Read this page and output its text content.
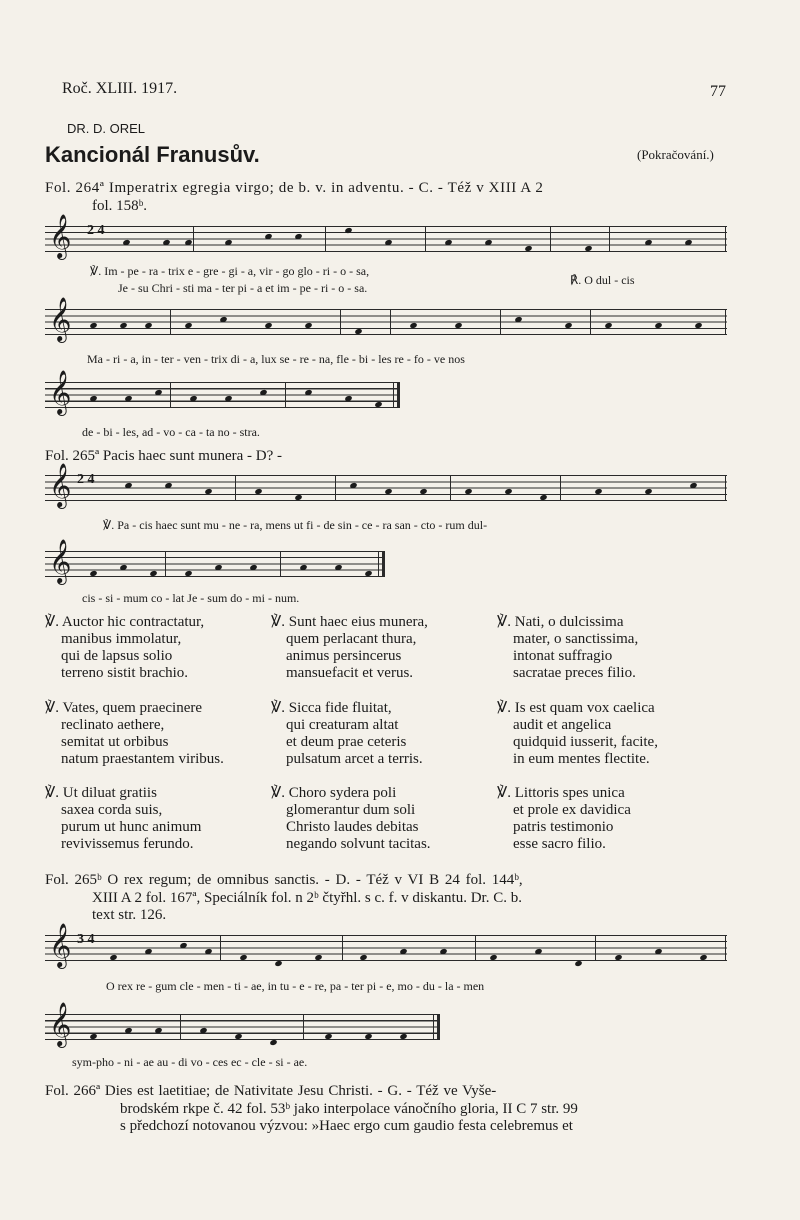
Roč. XLIII. 1917.	77
DR. D. OREL
Kancionál Franusův.	(Pokračování.)
Fol. 264ª Imperatrix egregia virgo; de b. v. in adventu. - C. - Též v XIII A 2
fol. 158ᵇ.
𝄞 2 4
℣. Im - pe - ra - trix e - gre - gi - a, vir - go glo - ri - o - sa,
Je - su Chri - sti ma - ter pi - a et im - pe - ri - o - sa.
℟. O dul - cis
𝄞
Ma - ri - a, in - ter - ven - trix di - a, lux se - re - na, fle - bi - les re - fo - ve nos
𝄞
de - bi - les, ad - vo - ca - ta no - stra.
Fol. 265ª Pacis haec sunt munera - D? -
𝄞 2 4
℣. Pa - cis haec sunt mu - ne - ra, mens ut fi - de sin - ce - ra san - cto - rum dul-
𝄞
cis - si - mum co - lat Je - sum do - mi - num.
℣. Auctor hic contractatur,
manibus immolatur,
qui de lapsus solio
terreno sistit brachio.
℣. Sunt haec eius munera,
quem perlacant thura,
animus persincerus
mansuefacit et verus.
℣. Nati, o dulcissima
mater, o sanctissima,
intonat suffragio
sacratae preces filio.
℣. Vates, quem praecinere
reclinato aethere,
semitat ut orbibus
natum praestantem viribus.
℣. Sicca fide fluitat,
qui creaturam altat
et deum prae ceteris
pulsatum arcet a terris.
℣. Is est quam vox caelica
audit et angelica
quidquid iusserit, facite,
in eum mentes flectite.
℣. Ut diluat gratiis
saxea corda suis,
purum ut hunc animum
revivissemus ferundo.
℣. Choro sydera poli
glomerantur dum soli
Christo laudes debitas
negando solvunt tacitas.
℣. Littoris spes unica
et prole ex davidica
patris testimonio
esse sacro filio.
Fol. 265ᵇ O rex regum; de omnibus sanctis. - D. - Též v VI B 24 fol. 144ᵇ,
XIII A 2 fol. 167ª, Speciálník fol. n 2ᵇ čtyřhl. s c. f. v diskantu. Dr. C. b.
text str. 126.
𝄞 3 4
O rex re - gum cle - men - ti - ae, in tu - e - re, pa - ter pi - e, mo - du - la - men
𝄞
sym-pho - ni - ae au - di vo - ces ec - cle - si - ae.
Fol. 266ª Dies est laetitiae; de Nativitate Jesu Christi. - G. - Též ve Vyše-
brodském rkpe č. 42 fol. 53ᵇ jako interpolace vánočního gloria, II C 7 str. 99
s předchozí notovanou výzvou: »Haec ergo cum gaudio festa celebremus et
